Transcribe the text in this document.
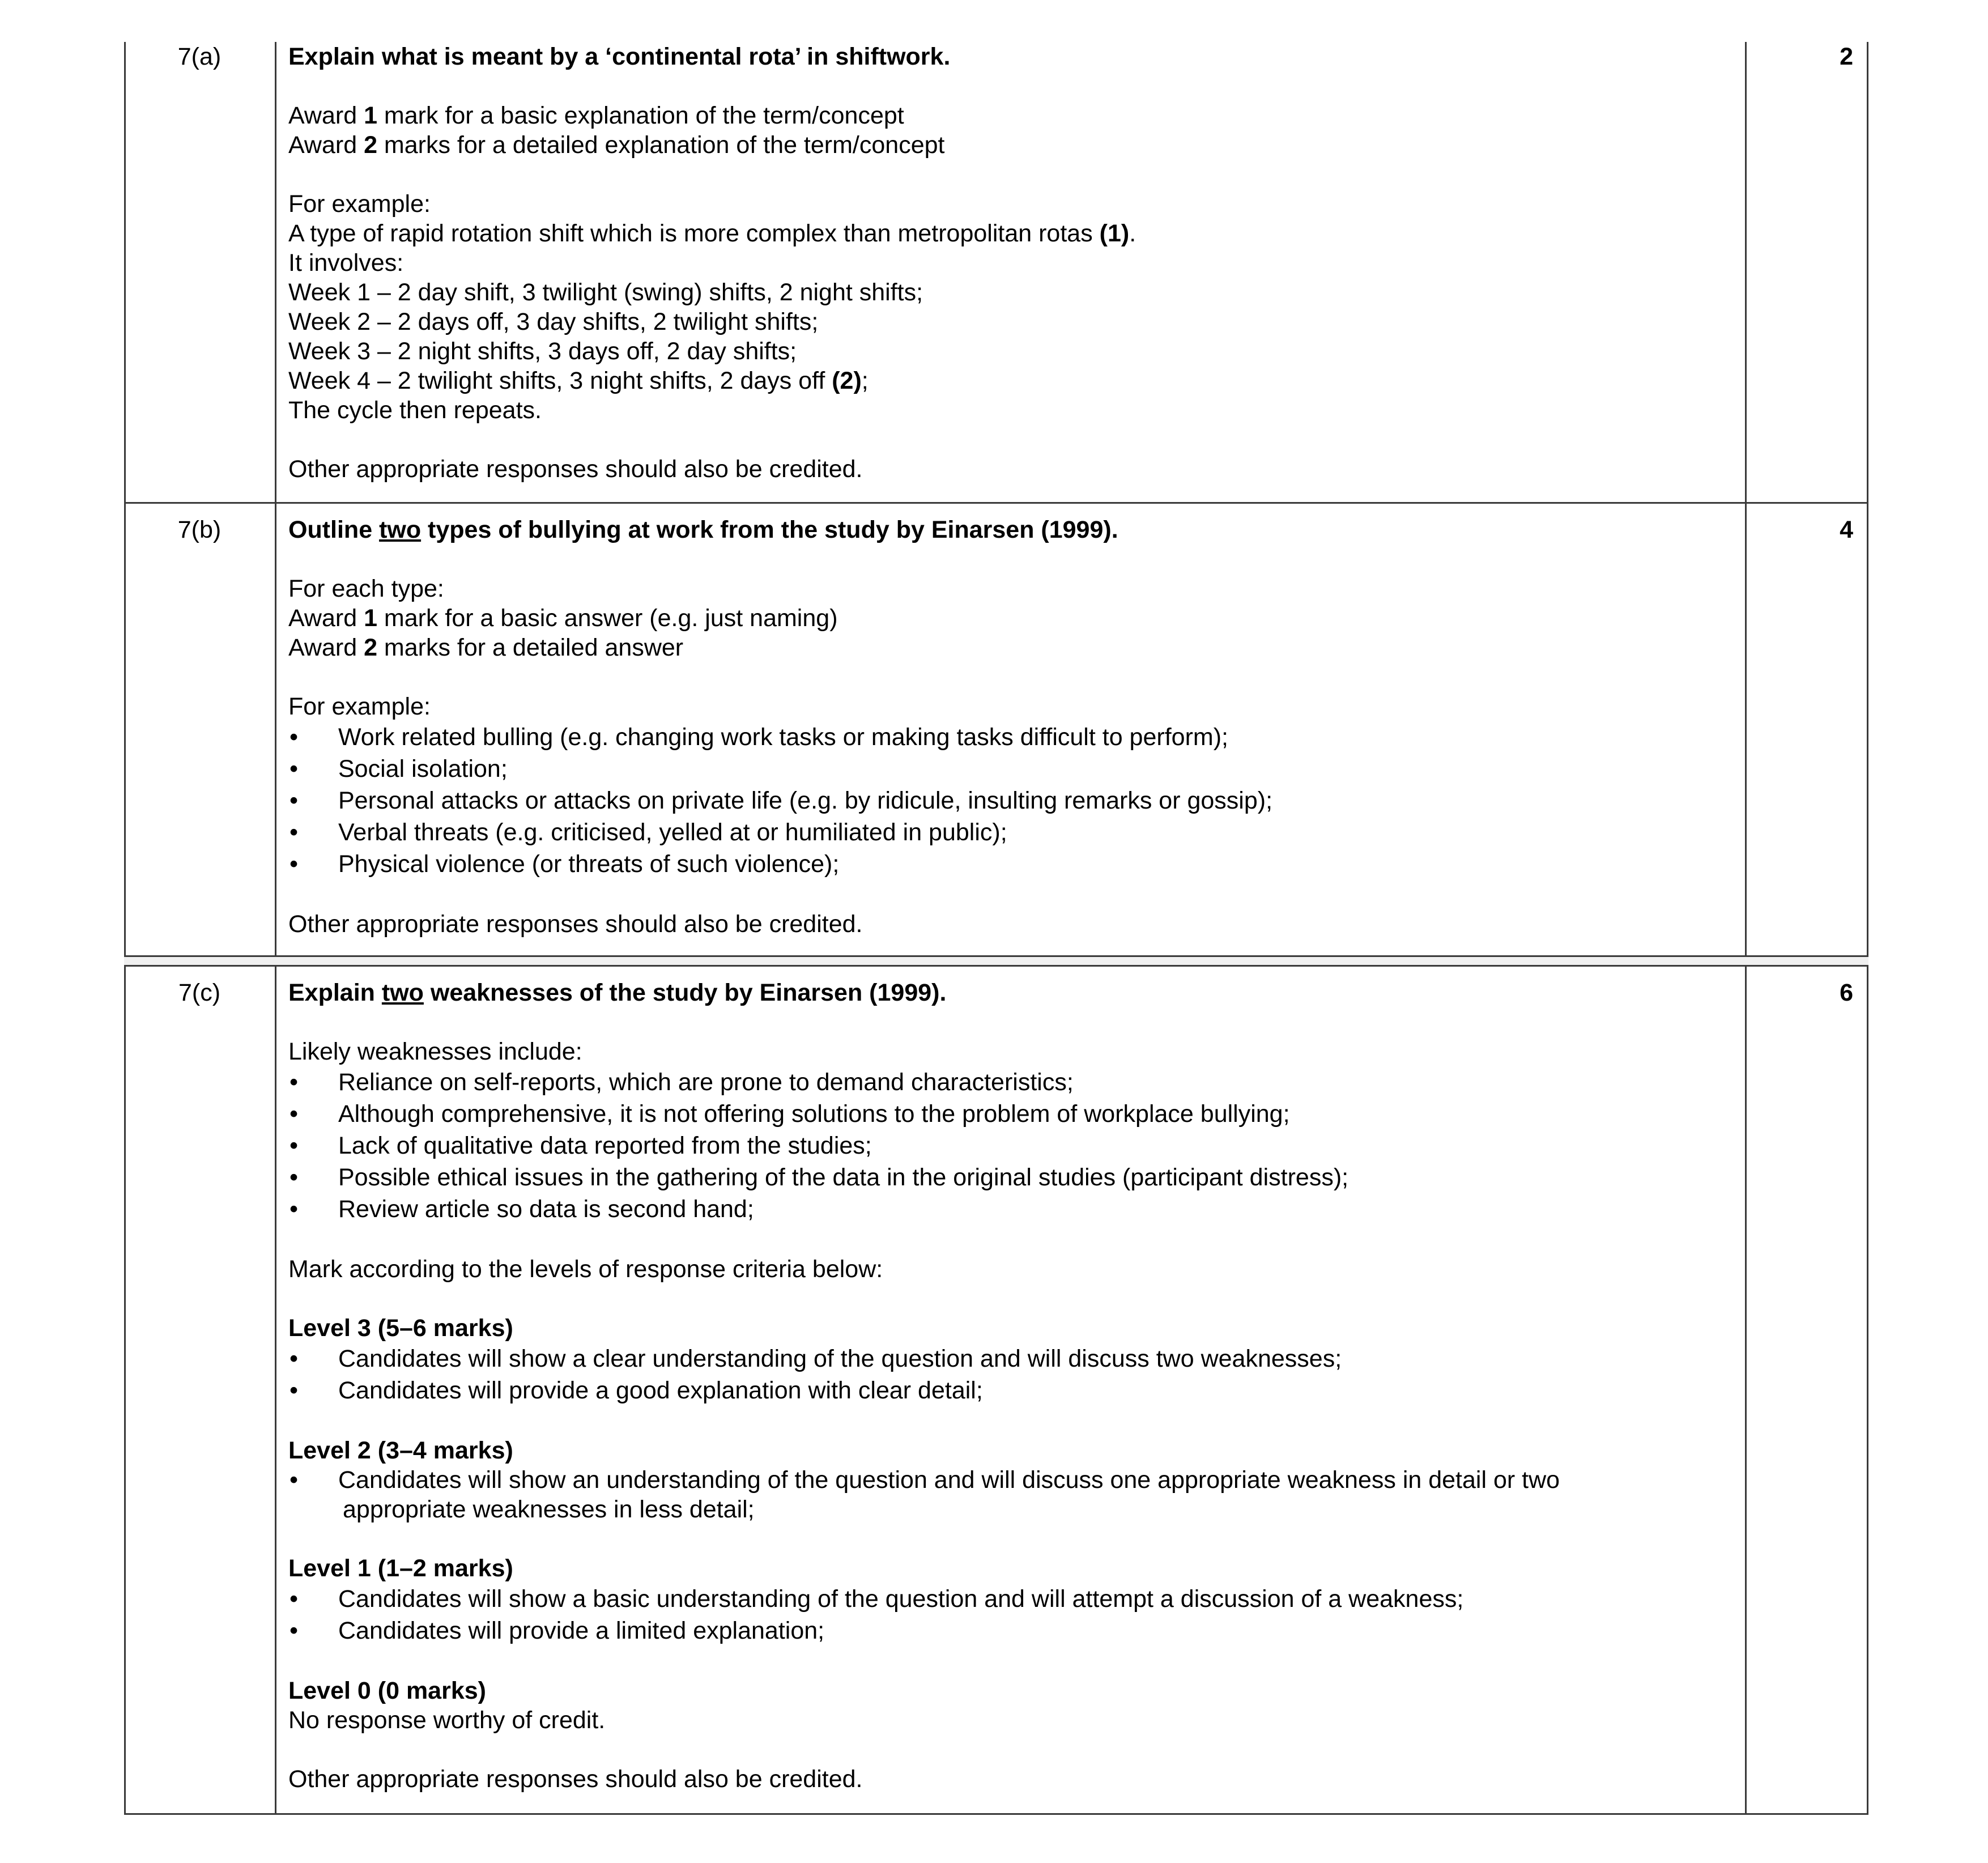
7(a)	2

Explain what is meant by a ‘continental rota’ in shiftwork.

Award 1 mark for a basic explanation of the term/concept

Award 2 marks for a detailed explanation of the term/concept

For example:

A type of rapid rotation shift which is more complex than metropolitan rotas (1).

It involves:

Week 1 – 2 day shift, 3 twilight (swing) shifts, 2 night shifts;

Week 2 – 2 days off, 3 day shifts, 2 twilight shifts;

Week 3 – 2 night shifts, 3 days off, 2 day shifts;

Week 4 – 2 twilight shifts, 3 night shifts, 2 days off (2);

The cycle then repeats.

Other appropriate responses should also be credited.

7(b)	4

Outline two types of bullying at work from the study by Einarsen (1999).

For each type:

Award 1 mark for a basic answer (e.g. just naming)

Award 2 marks for a detailed answer

For example:

• Work related bulling (e.g. changing work tasks or making tasks difficult to perform);
• Social isolation;
• Personal attacks or attacks on private life (e.g. by ridicule, insulting remarks or gossip);
• Verbal threats (e.g. criticised, yelled at or humiliated in public);
• Physical violence (or threats of such violence);

Other appropriate responses should also be credited.

7(c)	6

Explain two weaknesses of the study by Einarsen (1999).

Likely weaknesses include:

• Reliance on self-reports, which are prone to demand characteristics;
• Although comprehensive, it is not offering solutions to the problem of workplace bullying;
• Lack of qualitative data reported from the studies;
• Possible ethical issues in the gathering of the data in the original studies (participant distress);
• Review article so data is second hand;

Mark according to the levels of response criteria below:

Level 3 (5–6 marks)

• Candidates will show a clear understanding of the question and will discuss two weaknesses;
• Candidates will provide a good explanation with clear detail;

Level 2 (3–4 marks)

• Candidates will show an understanding of the question and will discuss one appropriate weakness in detail or two
appropriate weaknesses in less detail;

Level 1 (1–2 marks)

• Candidates will show a basic understanding of the question and will attempt a discussion of a weakness;
• Candidates will provide a limited explanation;

Level 0 (0 marks)

No response worthy of credit.

Other appropriate responses should also be credited.
